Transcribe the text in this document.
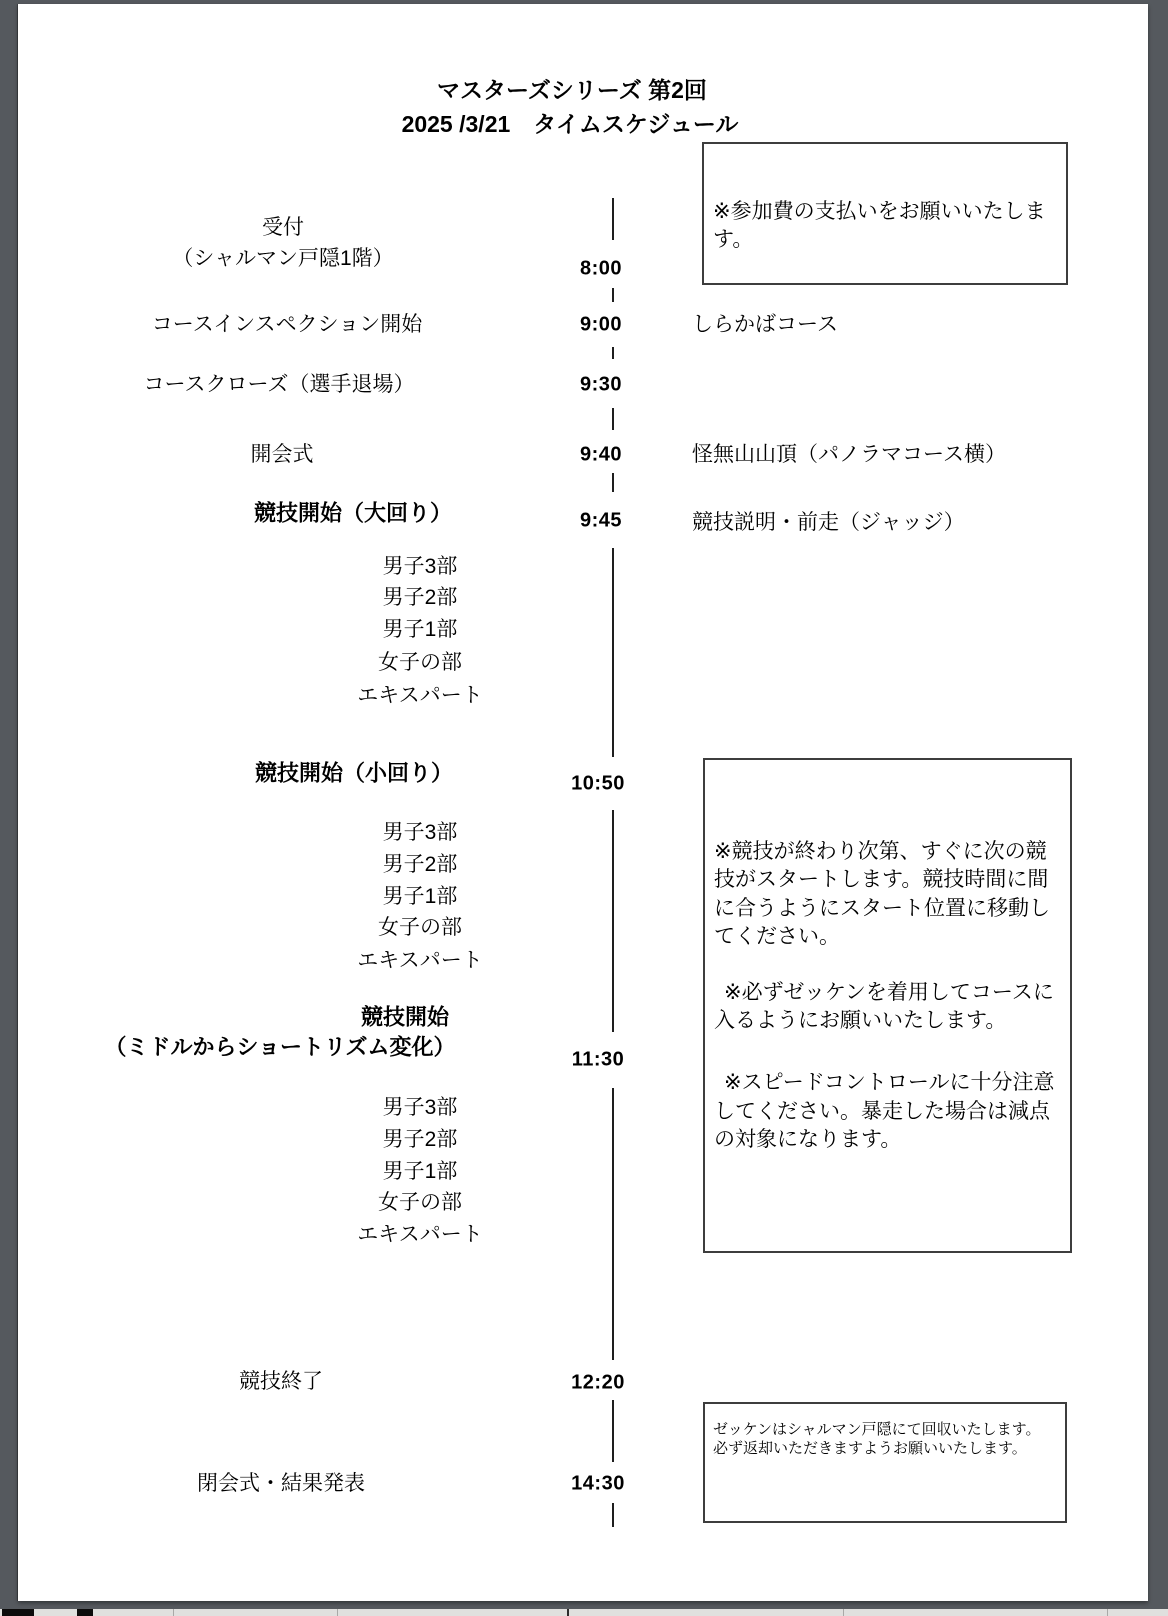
マスターズシリーズ 第2回
2025 /3/21　タイムスケジュール
受付
（シャルマン戸隠1階）
コースインスペクション開始
コースクローズ（選手退場）
開会式
競技開始（大回り）
競技開始（小回り）
競技開始
（ミドルからショートリズム変化）
競技終了
閉会式・結果発表
男子3部
男子2部
男子1部
女子の部
エキスパート
男子3部
男子2部
男子1部
女子の部
エキスパート
男子3部
男子2部
男子1部
女子の部
エキスパート
8:00
9:00
9:30
9:40
9:45
10:50
11:30
12:20
14:30
しらかばコース
怪無山山頂（パノラマコース横）
競技説明・前走（ジャッジ）
※参加費の支払いをお願いいたします。

※競技が終わり次第、すぐに次の競技がスタートします。競技時間に間に合うようにスタート位置に移動してください。

※必ずゼッケンを着用してコースに入るようにお願いいたします。

※スピードコントロールに十分注意してください。暴走した場合は減点の対象になります。

ゼッケンはシャルマン戸隠にて回収いたします。

必ず返却いただきますようお願いいたします。
